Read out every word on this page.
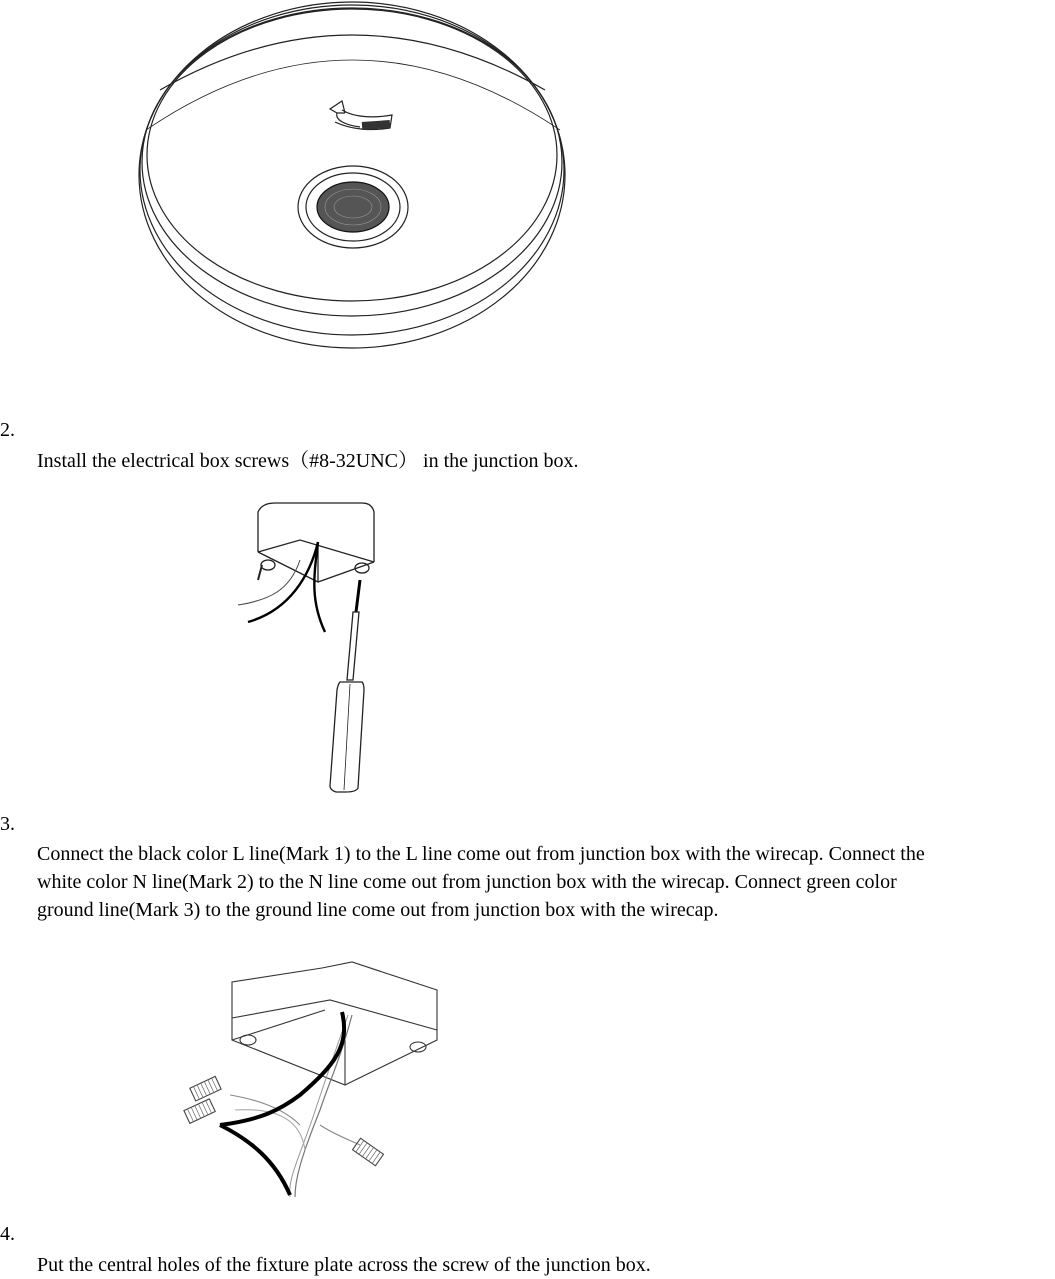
2.
Install the electrical box screws（#8-32UNC） in the junction box.
3.
Connect the black color L line(Mark 1) to the L line come out from junction box with the wirecap. Connect the
white color N line(Mark 2) to the N line come out from junction box with the wirecap. Connect green color
ground line(Mark 3) to the ground line come out from junction box with the wirecap.
4.
Put the central holes of the fixture plate across the screw of the junction box.
